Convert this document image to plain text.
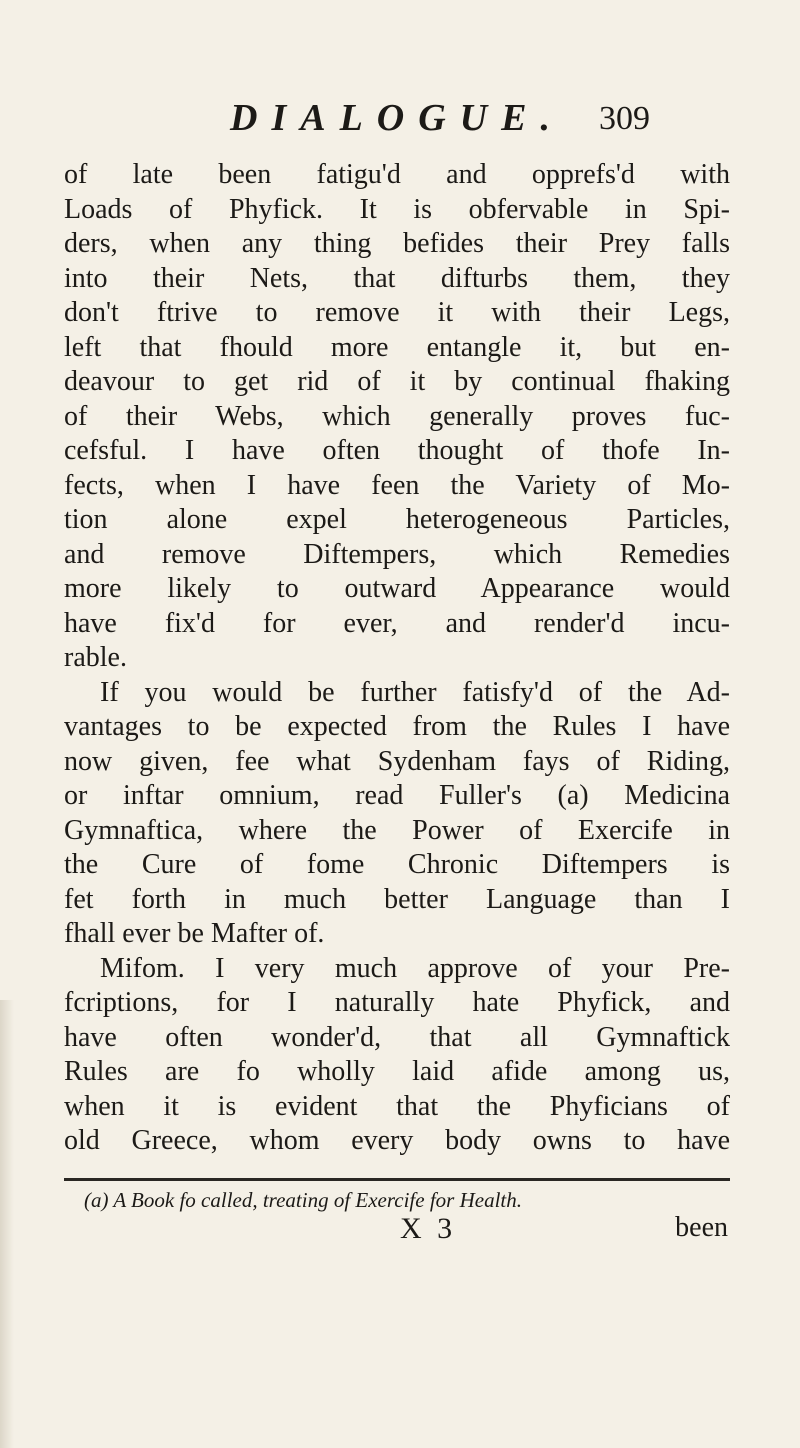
DIALOGUE. 309
of late been fatigu'd and opprefs'd with
Loads of Phyfick. It is obfervable in Spi-
ders, when any thing befides their Prey falls
into their Nets, that difturbs them, they
don't ftrive to remove it with their Legs,
left that fhould more entangle it, but en-
deavour to get rid of it by continual fhaking
of their Webs, which generally proves fuc-
cefsful. I have often thought of thofe In-
fects, when I have feen the Variety of Mo-
tion alone expel heterogeneous Particles,
and remove Diftempers, which Remedies
more likely to outward Appearance would
have fix'd for ever, and render'd incu-
rable.
If you would be further fatisfy'd of the Ad-
vantages to be expected from the Rules I have
now given, fee what Sydenham fays of Riding,
or inftar omnium, read Fuller's (a) Medicina
Gymnaftica, where the Power of Exercife in
the Cure of fome Chronic Diftempers is
fet forth in much better Language than I
fhall ever be Mafter of.
Mifom. I very much approve of your Pre-
fcriptions, for I naturally hate Phyfick, and
have often wonder'd, that all Gymnaftick
Rules are fo wholly laid afide among us,
when it is evident that the Phyficians of
old Greece, whom every body owns to have
(a) A Book fo called, treating of Exercife for Health.
X 3	been
